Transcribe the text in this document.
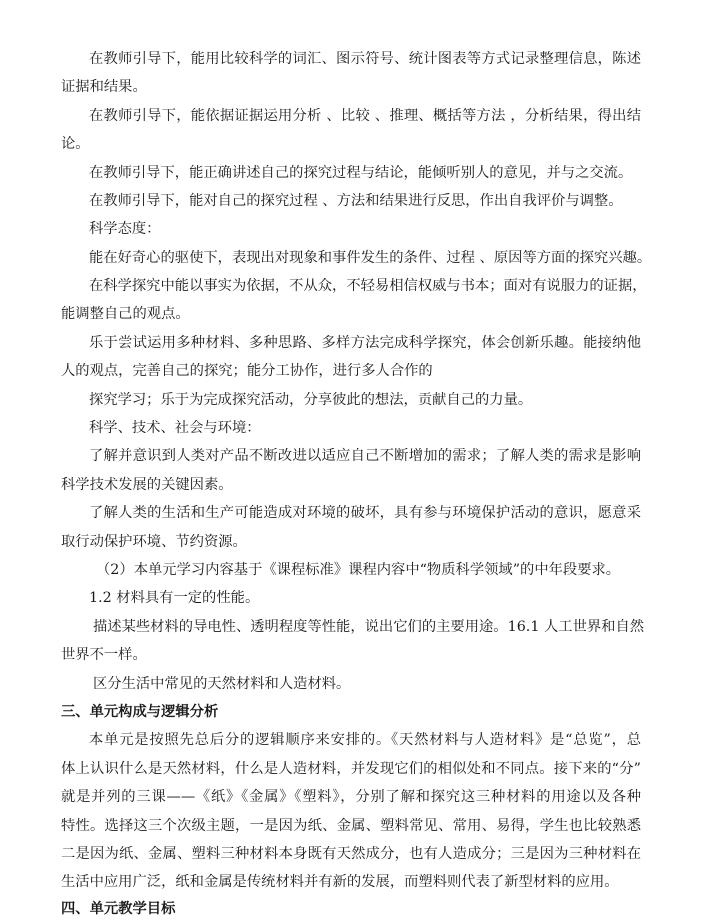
在教师引导下，能用比较科学的词汇、图示符号、统计图表等方式记录整理信息，陈述
证据和结果。
在教师引导下，能依据证据运用分析 、比较 、推理、概括等方法 ，分析结果，得出结
论。
在教师引导下，能正确讲述自己的探究过程与结论，能倾听别人的意见，并与之交流。
在教师引导下，能对自己的探究过程 、方法和结果进行反思，作出自我评价与调整。
科学态度：
能在好奇心的驱使下，表现出对现象和事件发生的条件、过程 、原因等方面的探究兴趣。
在科学探究中能以事实为依据，不从众，不轻易相信权威与书本；面对有说服力的证据，
能调整自己的观点。
乐于尝试运用多种材料、多种思路、多样方法完成科学探究，体会创新乐趣。能接纳他
人的观点，完善自己的探究；能分工协作，进行多人合作的
探究学习；乐于为完成探究活动，分享彼此的想法，贡献自己的力量。
科学、技术、社会与环境：
了解并意识到人类对产品不断改进以适应自己不断增加的需求；了解人类的需求是影响
科学技术发展的关键因素。
了解人类的生活和生产可能造成对环境的破坏，具有参与环境保护活动的意识，愿意采
取行动保护环境、节约资源。
（2）本单元学习内容基于《课程标准》课程内容中“物质科学领域”的中年段要求。
1.2 材料具有一定的性能。
描述某些材料的导电性、透明程度等性能，说出它们的主要用途。16.1 人工世界和自然
世界不一样。
区分生活中常见的天然材料和人造材料。
三、单元构成与逻辑分析
本单元是按照先总后分的逻辑顺序来安排的。《天然材料与人造材料》是“总览”，总
体上认识什么是天然材料，什么是人造材料，并发现它们的相似处和不同点。接下来的“分”
就是并列的三课——《纸》《金属》《塑料》，分别了解和探究这三种材料的用途以及各种
特性。选择这三个次级主题，一是因为纸、金属、塑料常见、常用、易得，学生也比较熟悉
二是因为纸、金属、塑料三种材料本身既有天然成分，也有人造成分；三是因为三种材料在
生活中应用广泛，纸和金属是传统材料并有新的发展，而塑料则代表了新型材料的应用。
四、单元教学目标
